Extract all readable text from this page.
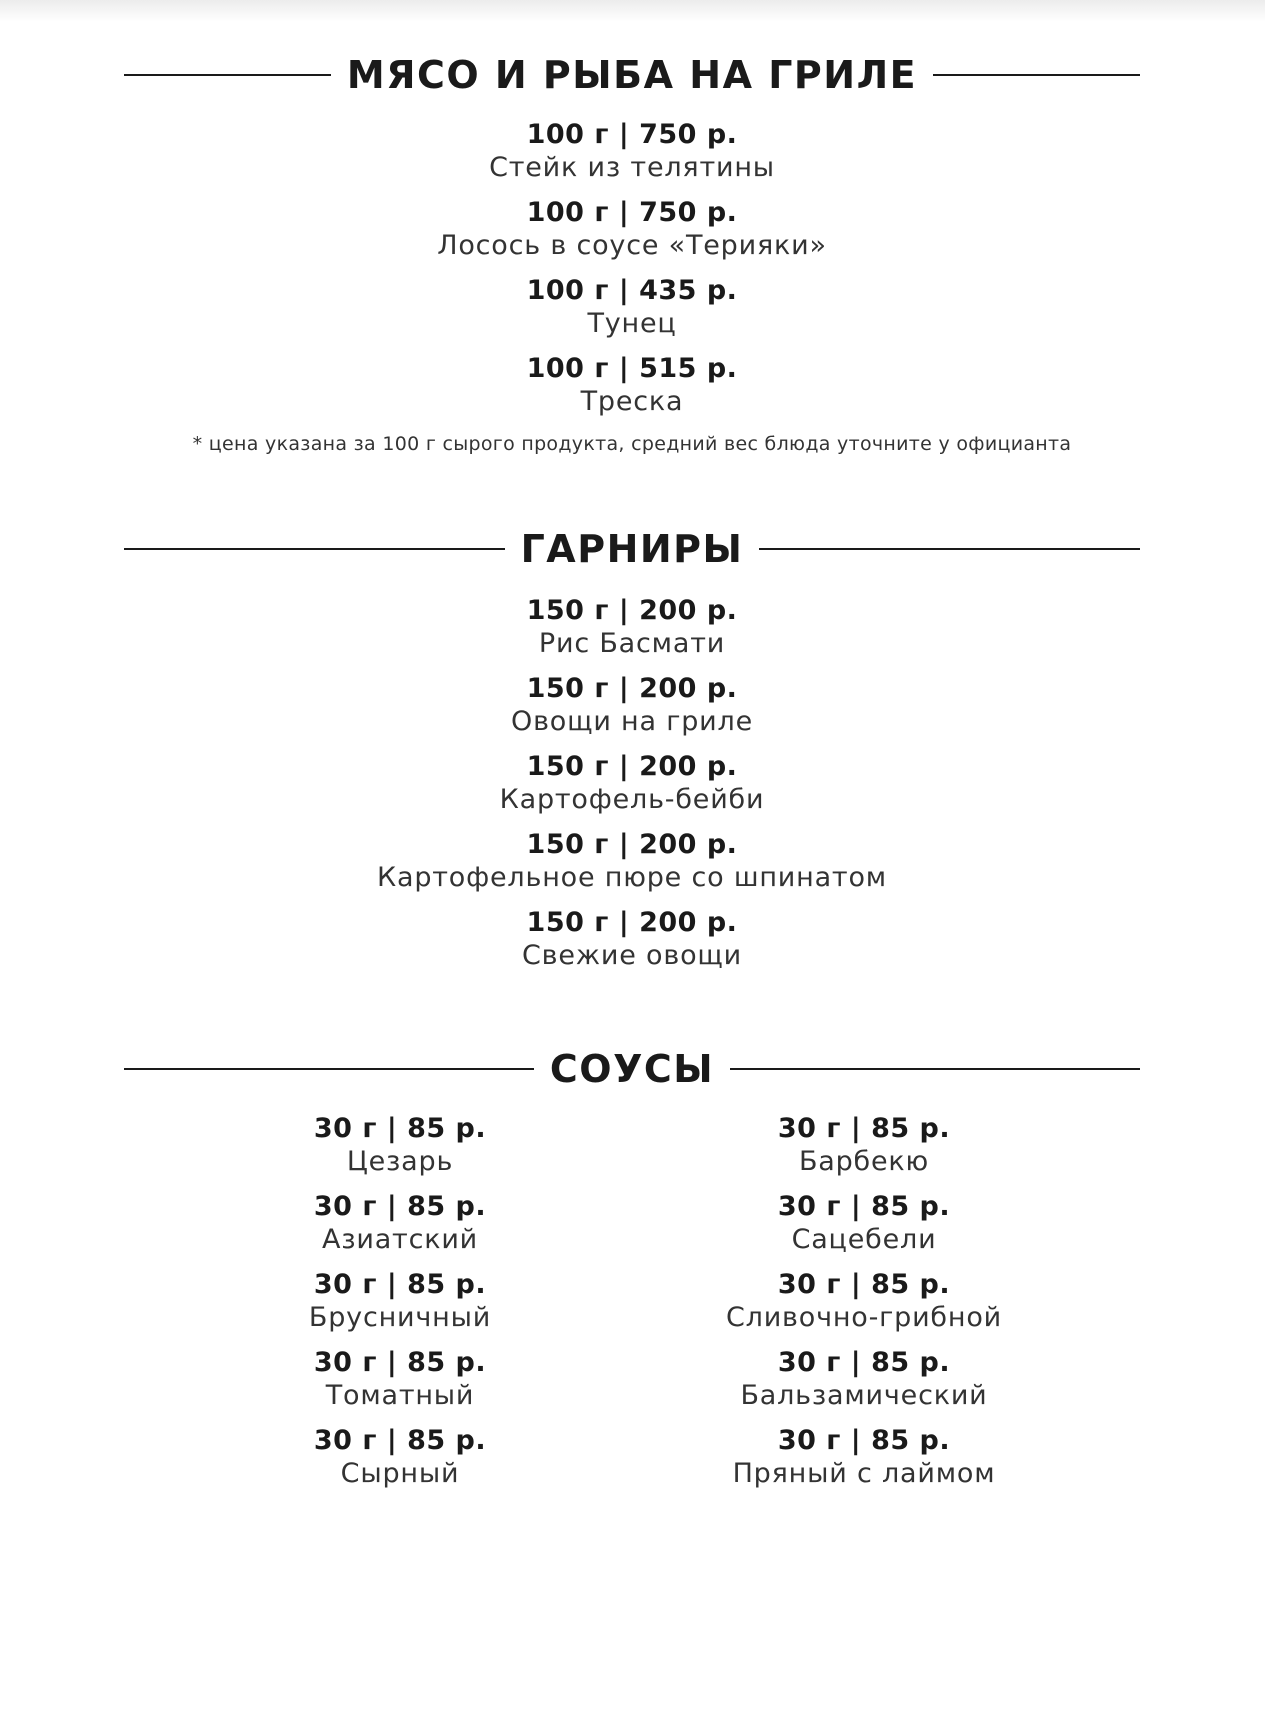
МЯСО И РЫБА НА ГРИЛЕ
100 г | 750 р.
Стейк из телятины
100 г | 750 р.
Лосось в соусе «Терияки»
100 г | 435 р.
Тунец
100 г | 515 р.
Треска
* цена указана за 100 г сырого продукта, средний вес блюда уточните у официанта
ГАРНИРЫ
150 г | 200 р.
Рис Басмати
150 г | 200 р.
Овощи на гриле
150 г | 200 р.
Картофель-бейби
150 г | 200 р.
Картофельное пюре со шпинатом
150 г | 200 р.
Свежие овощи
СОУСЫ
30 г | 85 р.
Цезарь
30 г | 85 р.
Азиатский
30 г | 85 р.
Брусничный
30 г | 85 р.
Томатный
30 г | 85 р.
Сырный
30 г | 85 р.
Барбекю
30 г | 85 р.
Сацебели
30 г | 85 р.
Сливочно-грибной
30 г | 85 р.
Бальзамический
30 г | 85 р.
Пряный с лаймом
